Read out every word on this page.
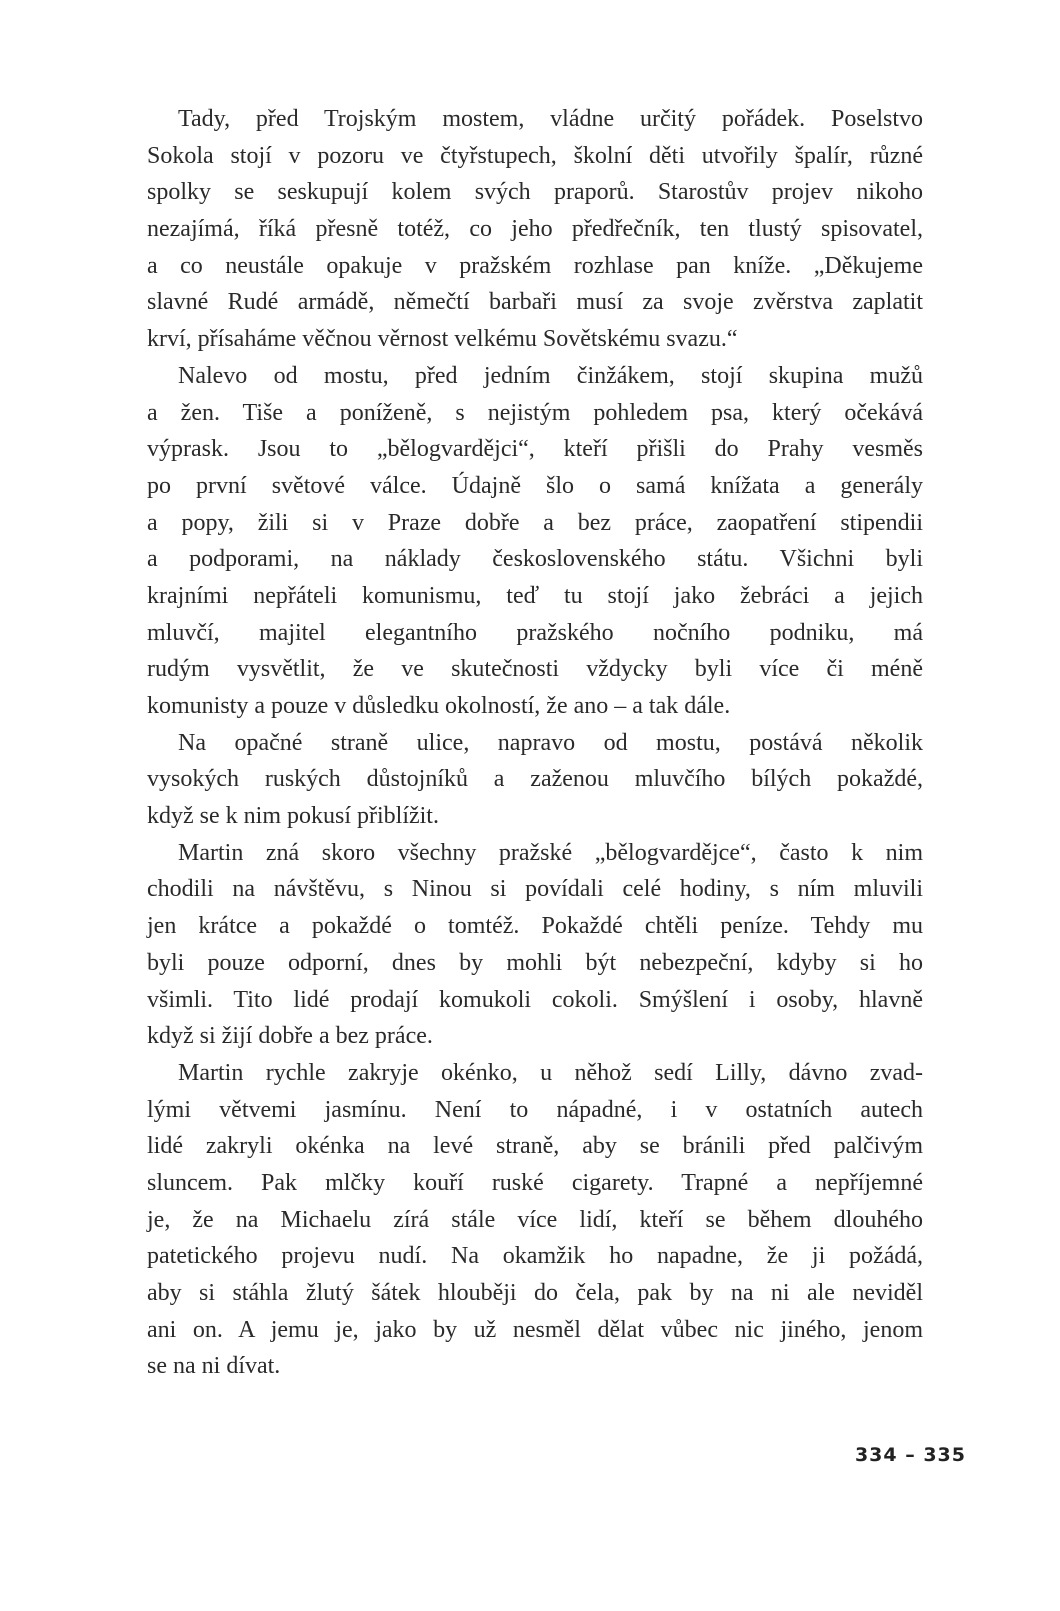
Tady, před Trojským mostem, vládne určitý pořádek. Poselstvo
Sokola stojí v pozoru ve čtyřstupech, školní děti utvořily špalír, různé
spolky se seskupují kolem svých praporů. Starostův projev nikoho
nezajímá, říká přesně totéž, co jeho předřečník, ten tlustý spisovatel,
a co neustále opakuje v pražském rozhlase pan kníže. „Děkujeme
slavné Rudé armádě, němečtí barbaři musí za svoje zvěrstva zaplatit
krví, přísaháme věčnou věrnost velkému Sovětskému svazu.“
Nalevo od mostu, před jedním činžákem, stojí skupina mužů
a žen. Tiše a poníženě, s nejistým pohledem psa, který očekává
výprask. Jsou to „bělogvardějci“, kteří přišli do Prahy vesměs
po první světové válce. Údajně šlo o samá knížata a generály
a popy, žili si v Praze dobře a bez práce, zaopatření stipendii
a podporami, na náklady československého státu. Všichni byli
krajními nepřáteli komunismu, teď tu stojí jako žebráci a jejich
mluvčí, majitel elegantního pražského nočního podniku, má
rudým vysvětlit, že ve skutečnosti vždycky byli více či méně
komunisty a pouze v důsledku okolností, že ano – a tak dále.
Na opačné straně ulice, napravo od mostu, postává několik
vysokých ruských důstojníků a zaženou mluvčího bílých pokaždé,
když se k nim pokusí přiblížit.
Martin zná skoro všechny pražské „bělogvardějce“, často k nim
chodili na návštěvu, s Ninou si povídali celé hodiny, s ním mluvili
jen krátce a pokaždé o tomtéž. Pokaždé chtěli peníze. Tehdy mu
byli pouze odporní, dnes by mohli být nebezpeční, kdyby si ho
všimli. Tito lidé prodají komukoli cokoli. Smýšlení i osoby, hlavně
když si žijí dobře a bez práce.
Martin rychle zakryje okénko, u něhož sedí Lilly, dávno zvad-
lými větvemi jasmínu. Není to nápadné, i v ostatních autech
lidé zakryli okénka na levé straně, aby se bránili před palčivým
sluncem. Pak mlčky kouří ruské cigarety. Trapné a nepříjemné
je, že na Michaelu zírá stále více lidí, kteří se během dlouhého
patetického projevu nudí. Na okamžik ho napadne, že ji požádá,
aby si stáhla žlutý šátek hlouběji do čela, pak by na ni ale neviděl
ani on. A jemu je, jako by už nesměl dělat vůbec nic jiného, jenom
se na ni dívat.
334 – 335
